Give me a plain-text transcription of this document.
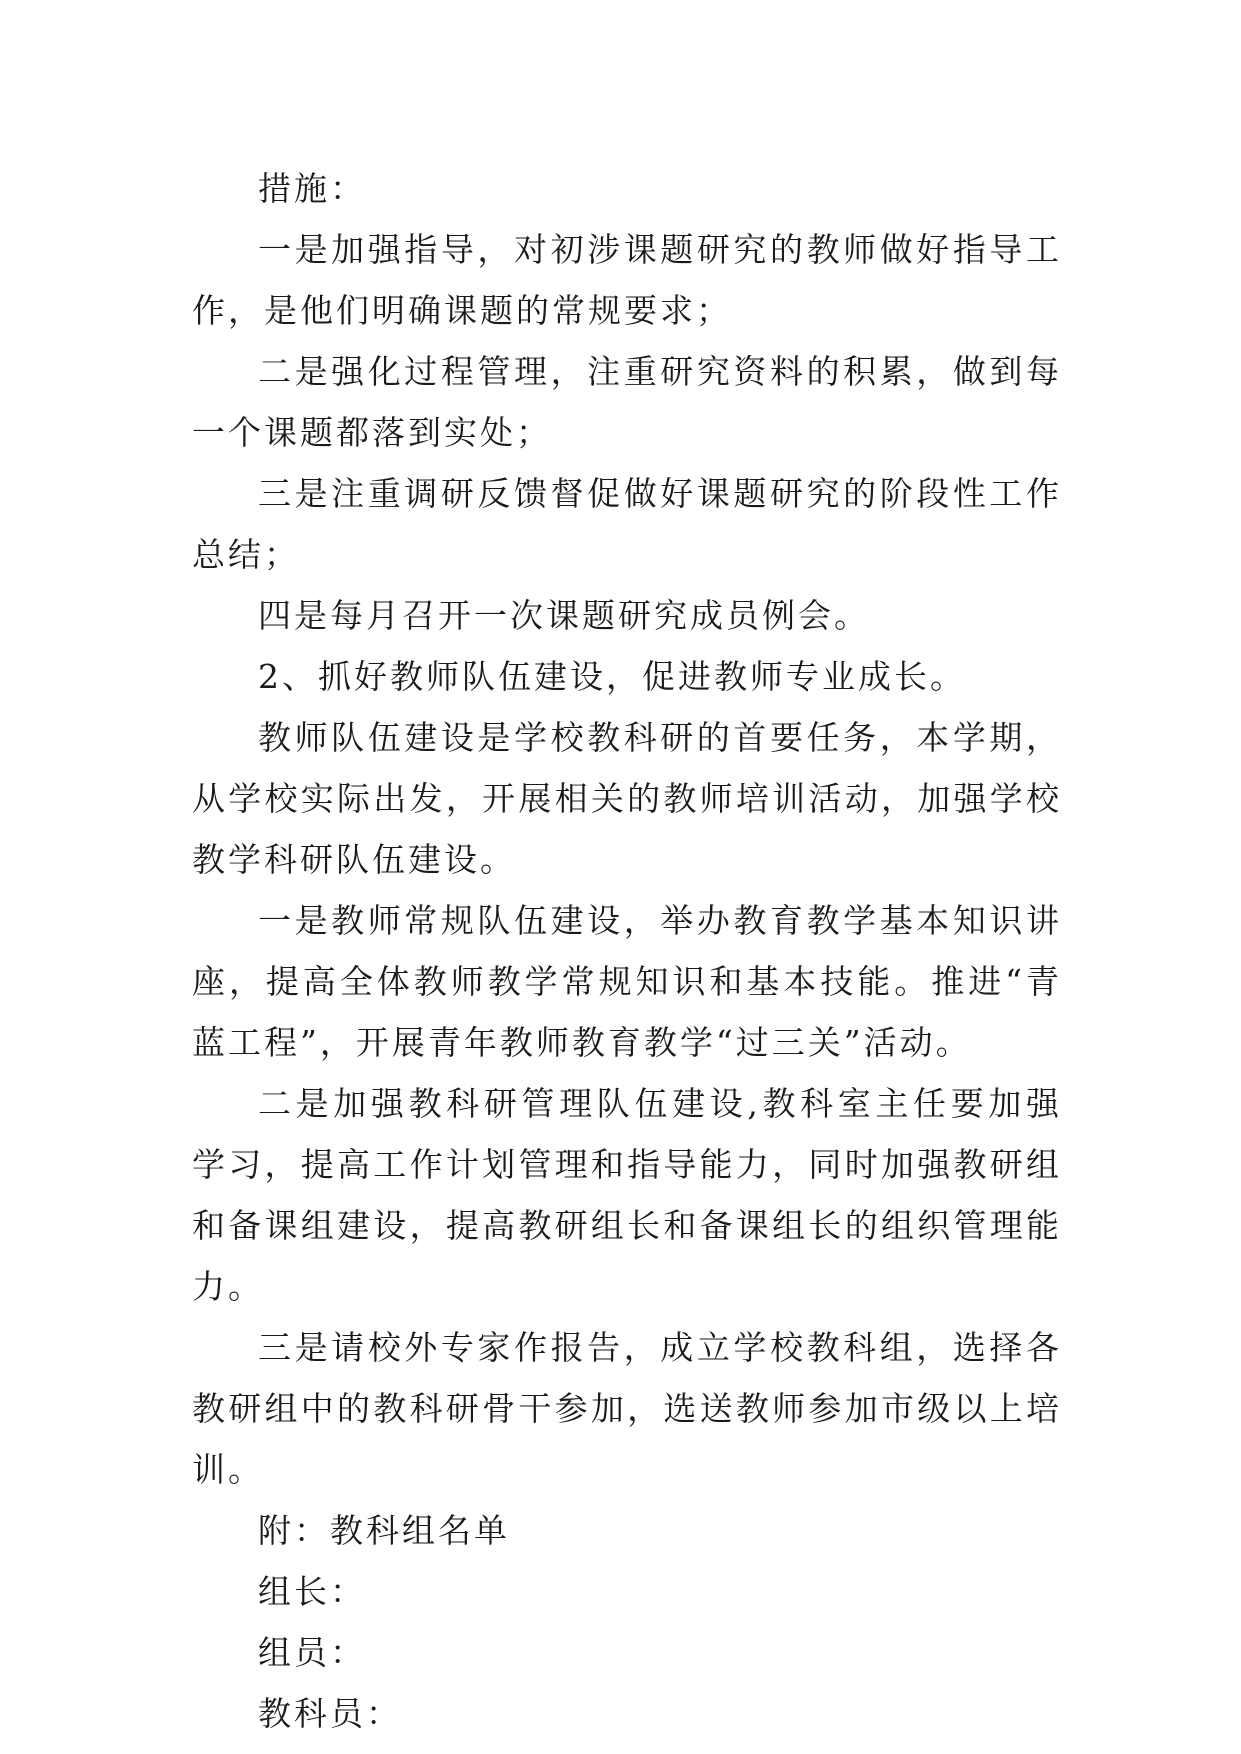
措施：

一是加强指导，对初涉课题研究的教师做好指导工作，是他们明确课题的常规要求；

二是强化过程管理，注重研究资料的积累，做到每一个课题都落到实处；

三是注重调研反馈督促做好课题研究的阶段性工作总结；

四是每月召开一次课题研究成员例会。

2、抓好教师队伍建设，促进教师专业成长。

教师队伍建设是学校教科研的首要任务，本学期，从学校实际出发，开展相关的教师培训活动，加强学校教学科研队伍建设。

一是教师常规队伍建设，举办教育教学基本知识讲座，提高全体教师教学常规知识和基本技能。推进“青蓝工程”，开展青年教师教育教学“过三关”活动。

二是加强教科研管理队伍建设,教科室主任要加强学习，提高工作计划管理和指导能力，同时加强教研组和备课组建设，提高教研组长和备课组长的组织管理能力。

三是请校外专家作报告，成立学校教科组，选择各教研组中的教科研骨干参加，选送教师参加市级以上培训。

附：教科组名单

组长：

组员：

教科员：
